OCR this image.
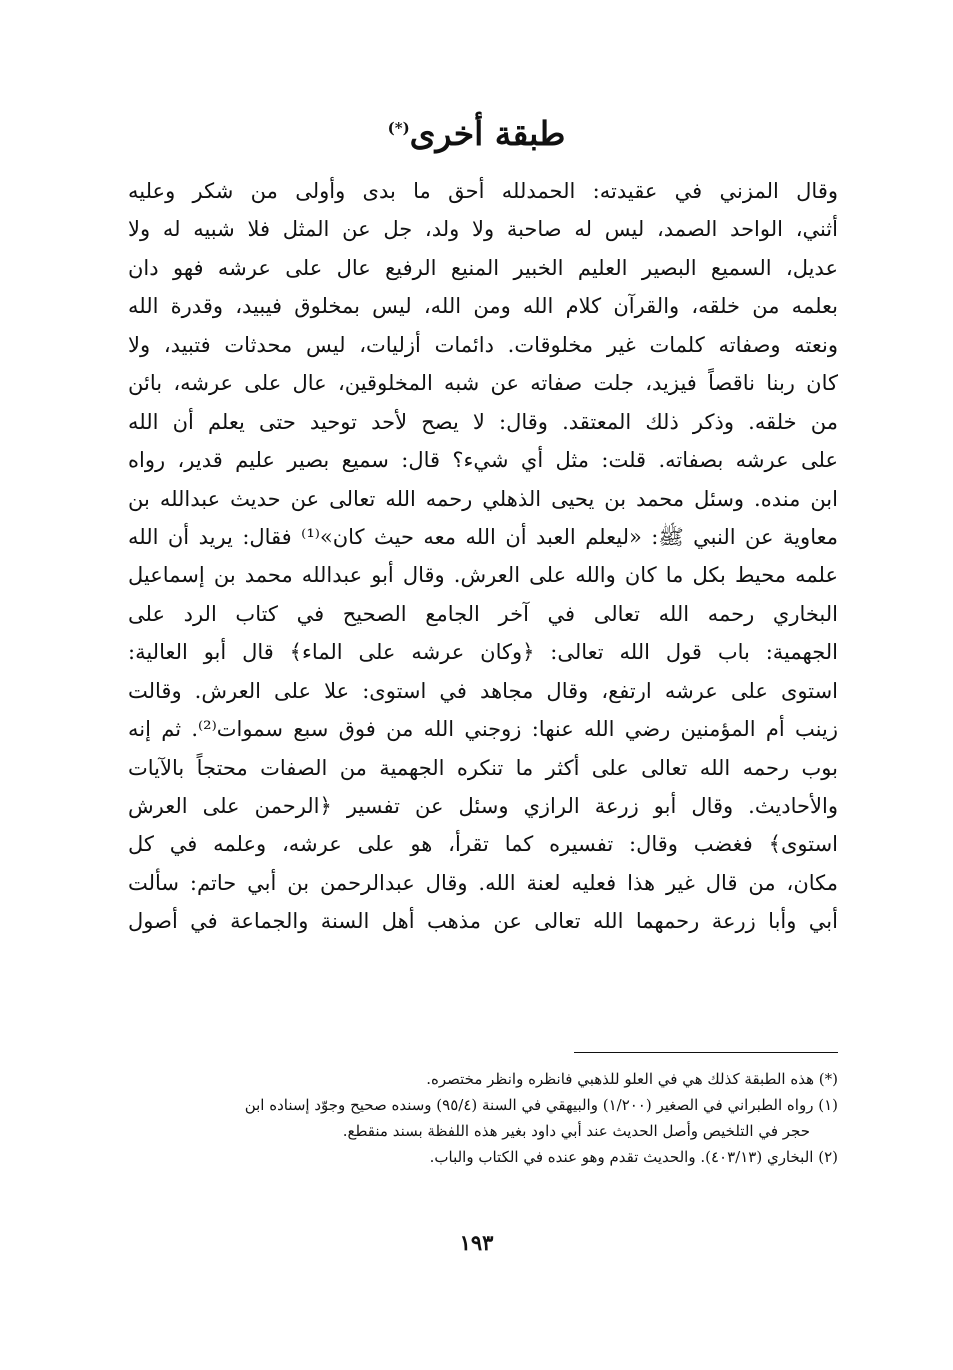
طبقة أخرى(*)
وقال المزني في عقيدته: الحمدلله أحق ما بدى وأولى من شكر وعليه
أثني، الواحد الصمد، ليس له صاحبة ولا ولد، جل عن المثل فلا شبيه له ولا
عديل، السميع البصير العليم الخبير المنيع الرفيع عال على عرشه فهو دان
بعلمه من خلقه، والقرآن كلام الله ومن الله، ليس بمخلوق فيبيد، وقدرة الله
ونعته وصفاته كلمات غير مخلوقات. دائمات أزليات، ليس محدثات فتبيد، ولا
كان ربنا ناقصاً فيزيد، جلت صفاته عن شبه المخلوقين، عال على عرشه، بائن
من خلقه. وذكر ذلك المعتقد. وقال: لا يصح لأحد توحيد حتى يعلم أن الله
على عرشه بصفاته. قلت: مثل أي شيء؟ قال: سميع بصير عليم قدير، رواه
ابن منده. وسئل محمد بن يحيى الذهلي رحمه الله تعالى عن حديث عبدالله بن
معاوية عن النبي ﷺ: «ليعلم العبد أن الله معه حيث كان»⁽¹⁾ فقال: يريد أن الله
علمه محيط بكل ما كان والله على العرش. وقال أبو عبدالله محمد بن إسماعيل
البخاري رحمه الله تعالى في آخر الجامع الصحيح في كتاب الرد على
الجهمية: باب قول الله تعالى: ﴿وكان عرشه على الماء﴾ قال أبو العالية:
استوى على عرشه ارتفع، وقال مجاهد في استوى: علا على العرش. وقالت
زينب أم المؤمنين رضي الله عنها: زوجني الله من فوق سبع سموات⁽²⁾. ثم إنه
بوب رحمه الله تعالى على أكثر ما تنكره الجهمية من الصفات محتجاً بالآيات
والأحاديث. وقال أبو زرعة الرازي وسئل عن تفسير ﴿الرحمن على العرش
استوى﴾ فغضب وقال: تفسيره كما تقرأ، هو على عرشه، وعلمه في كل
مكان، من قال غير هذا فعليه لعنة الله. وقال عبدالرحمن بن أبي حاتم: سألت
أبي وأبا زرعة رحمهما الله تعالى عن مذهب أهل السنة والجماعة في أصول
(*) هذه الطبقة كذلك هي في العلو للذهبي فانظره وانظر مختصره.
(١) رواه الطبراني في الصغير (١/٢٠٠) والبيهقي في السنة (٩٥/٤) وسنده صحيح وجوّد إسناده ابن
حجر في التلخيص وأصل الحديث عند أبي داود بغير هذه اللفظة بسند منقطع.
(٢) البخاري (٤٠٣/١٣). والحديث تقدم وهو عنده في الكتاب والباب.
١٩٣
